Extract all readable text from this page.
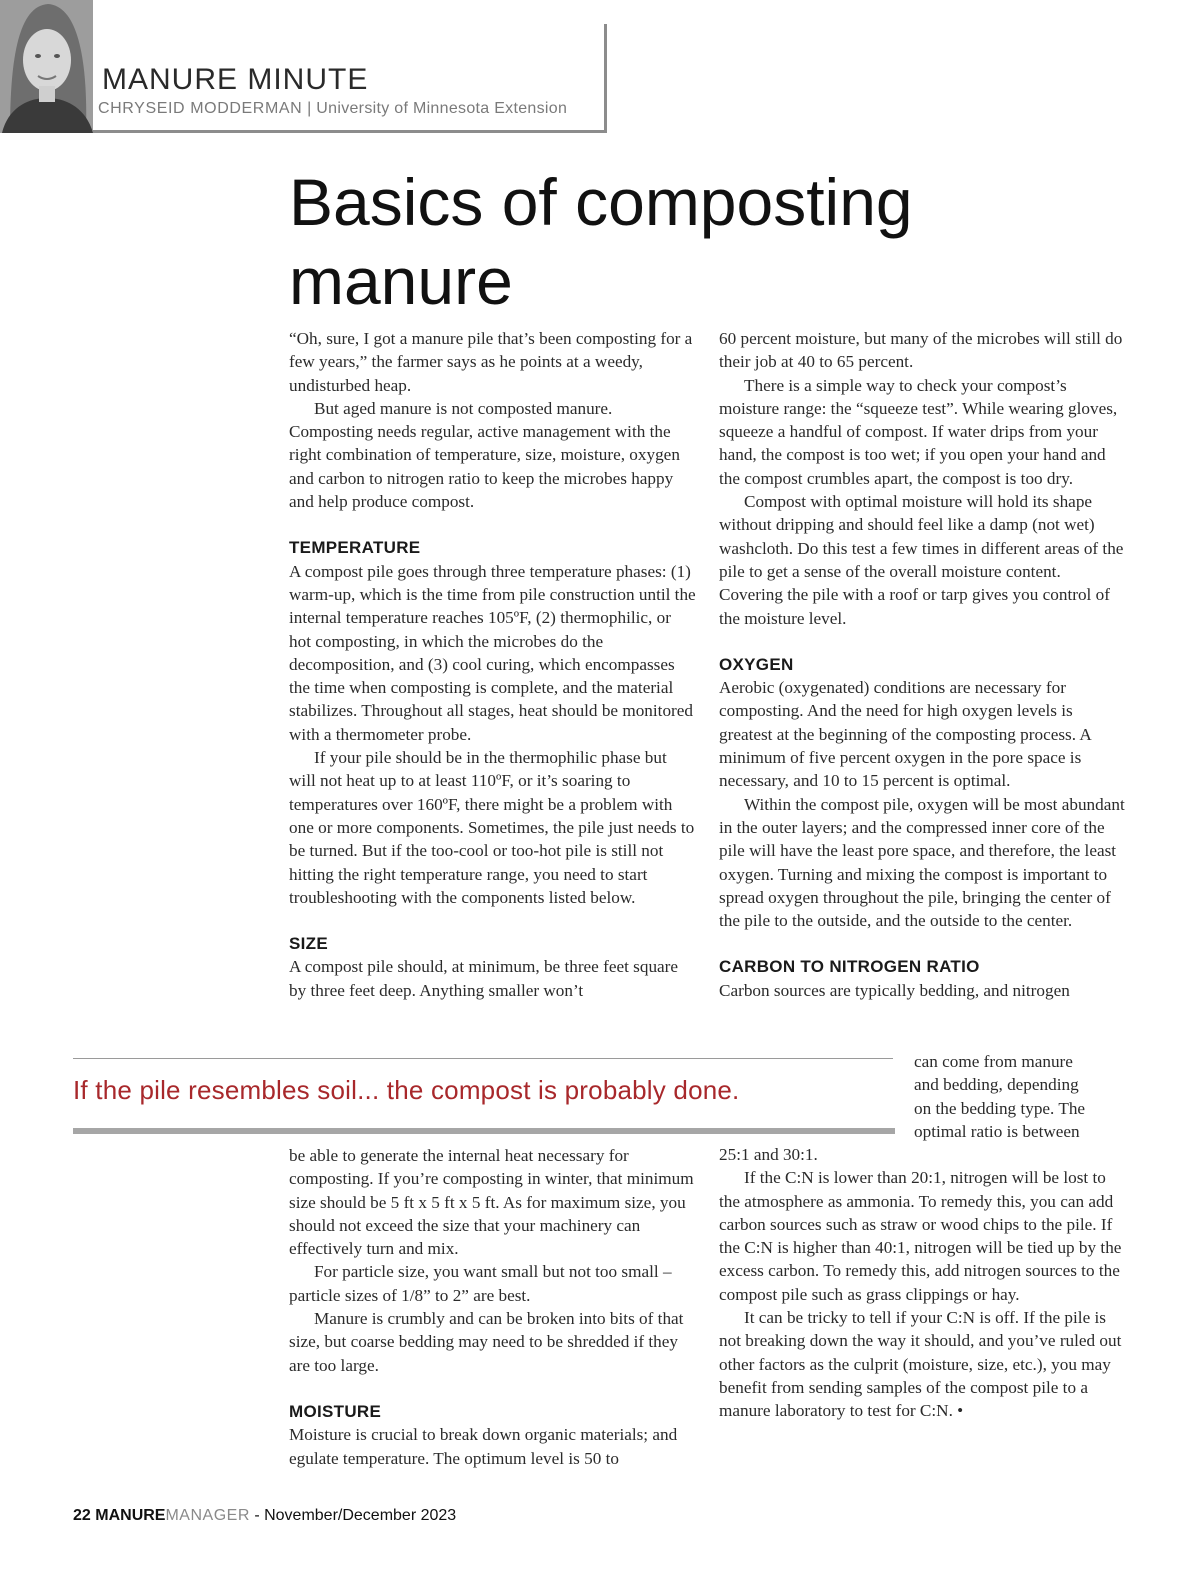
MANURE MINUTE
CHRYSEID MODDERMAN | University of Minnesota Extension
Basics of composting
manure

“Oh, sure, I got a manure pile that’s been composting for a few years,” the farmer says as he points at a weedy, undisturbed heap.

But aged manure is not composted manure. Composting needs regular, active management with the right combination of temperature, size, moisture, oxygen and carbon to nitrogen ratio to keep the microbes happy and help produce compost.

TEMPERATURE

A compost pile goes through three temperature phases: (1) warm-up, which is the time from pile construction until the internal temperature reaches 105ºF, (2) thermophilic, or hot composting, in which the microbes do the decomposition, and (3) cool curing, which encompasses the time when composting is complete, and the material stabilizes. Throughout all stages, heat should be monitored with a thermometer probe.

If your pile should be in the thermophilic phase but will not heat up to at least 110ºF, or it’s soaring to temperatures over 160ºF, there might be a problem with one or more components. Sometimes, the pile just needs to be turned. But if the too-cool or too-hot pile is still not hitting the right temperature range, you need to start troubleshooting with the components listed below.

SIZE

A compost pile should, at minimum, be three feet square by three feet deep. Anything smaller won’t

If the pile resembles soil... the compost is probably done.

be able to generate the internal heat necessary for composting. If you’re composting in winter, that minimum size should be 5 ft x 5 ft x 5 ft. As for maximum size, you should not exceed the size that your machinery can effectively turn and mix.

For particle size, you want small but not too small – particle sizes of 1/8” to 2” are best.

Manure is crumbly and can be broken into bits of that size, but coarse bedding may need to be shredded if they are too large.

MOISTURE

Moisture is crucial to break down organic materials; and egulate temperature. The optimum level is 50 to

60 percent moisture, but many of the microbes will still do their job at 40 to 65 percent.

There is a simple way to check your compost’s moisture range: the “squeeze test”. While wearing gloves, squeeze a handful of compost. If water drips from your hand, the compost is too wet; if you open your hand and the compost crumbles apart, the compost is too dry.

Compost with optimal moisture will hold its shape without dripping and should feel like a damp (not wet) washcloth. Do this test a few times in different areas of the pile to get a sense of the overall moisture content. Covering the pile with a roof or tarp gives you control of the moisture level.

OXYGEN

Aerobic (oxygenated) conditions are necessary for composting. And the need for high oxygen levels is greatest at the beginning of the composting process. A minimum of five percent oxygen in the pore space is necessary, and 10 to 15 percent is optimal.

Within the compost pile, oxygen will be most abundant in the outer layers; and the compressed inner core of the pile will have the least pore space, and therefore, the least oxygen. Turning and mixing the compost is important to spread oxygen throughout the pile, bringing the center of the pile to the outside, and the outside to the center.

CARBON TO NITROGEN RATIO

Carbon sources are typically bedding, and nitrogen

can come from manure

and bedding, depending

on the bedding type. The

optimal ratio is between

25:1 and 30:1.

If the C:N is lower than 20:1, nitrogen will be lost to the atmosphere as ammonia. To remedy this, you can add carbon sources such as straw or wood chips to the pile. If the C:N is higher than 40:1, nitrogen will be tied up by the excess carbon. To remedy this, add nitrogen sources to the compost pile such as grass clippings or hay.

It can be tricky to tell if your C:N is off. If the pile is not breaking down the way it should, and you’ve ruled out other factors as the culprit (moisture, size, etc.), you may benefit from sending samples of the compost pile to a manure laboratory to test for C:N. •

22 MANUREMANAGER - November/December 2023
